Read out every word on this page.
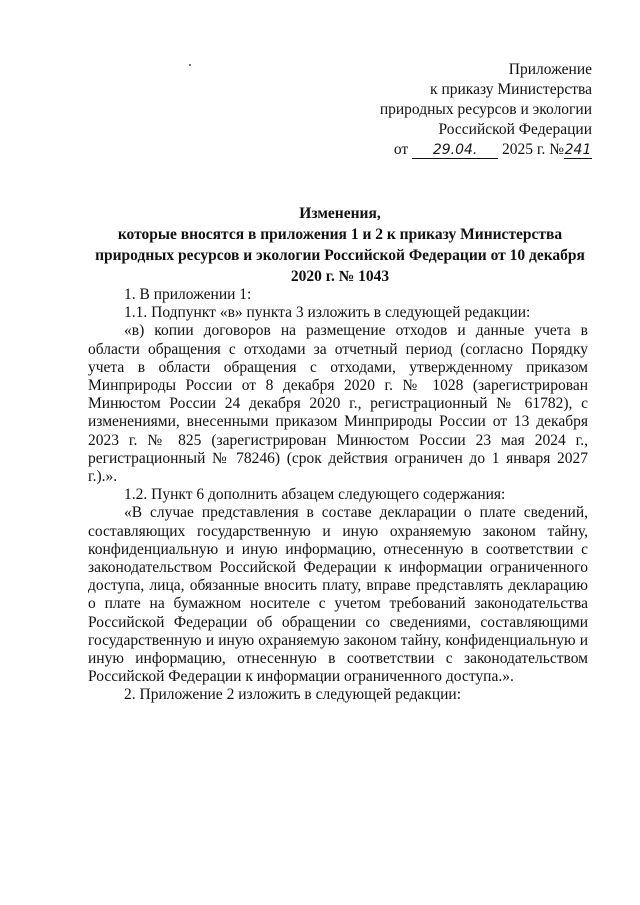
Приложение
к приказу Министерства
природных ресурсов и экологии
Российской Федерации
от 29.04. 2025 г. №241
Изменения,
которые вносятся в приложения 1 и 2 к приказу Министерства
природных ресурсов и экологии Российской Федерации от 10 декабря
2020 г. № 1043

1. В приложении 1:

1.1. Подпункт «в» пункта 3 изложить в следующей редакции:

«в) копии договоров на размещение отходов и данные учета в области обращения с отходами за отчетный период (согласно Порядку учета в области обращения с отходами, утвержденному приказом Минприроды России от 8 декабря 2020 г. № 1028 (зарегистрирован Минюстом России 24 декабря 2020 г., регистрационный № 61782), с изменениями, внесенными приказом Минприроды России от 13 декабря 2023 г. № 825 (зарегистрирован Минюстом России 23 мая 2024 г., регистрационный № 78246) (срок действия ограничен до 1 января 2027 г.).».

1.2. Пункт 6 дополнить абзацем следующего содержания:

«В случае представления в составе декларации о плате сведений, составляющих государственную и иную охраняемую законом тайну, конфиденциальную и иную информацию, отнесенную в соответствии с законодательством Российской Федерации к информации ограниченного доступа, лица, обязанные вносить плату, вправе представлять декларацию о плате на бумажном носителе с учетом требований законодательства Российской Федерации об обращении со сведениями, составляющими государственную и иную охраняемую законом тайну, конфиденциальную и иную информацию, отнесенную в соответствии с законодательством Российской Федерации к информации ограниченного доступа.».

2. Приложение 2 изложить в следующей редакции:
